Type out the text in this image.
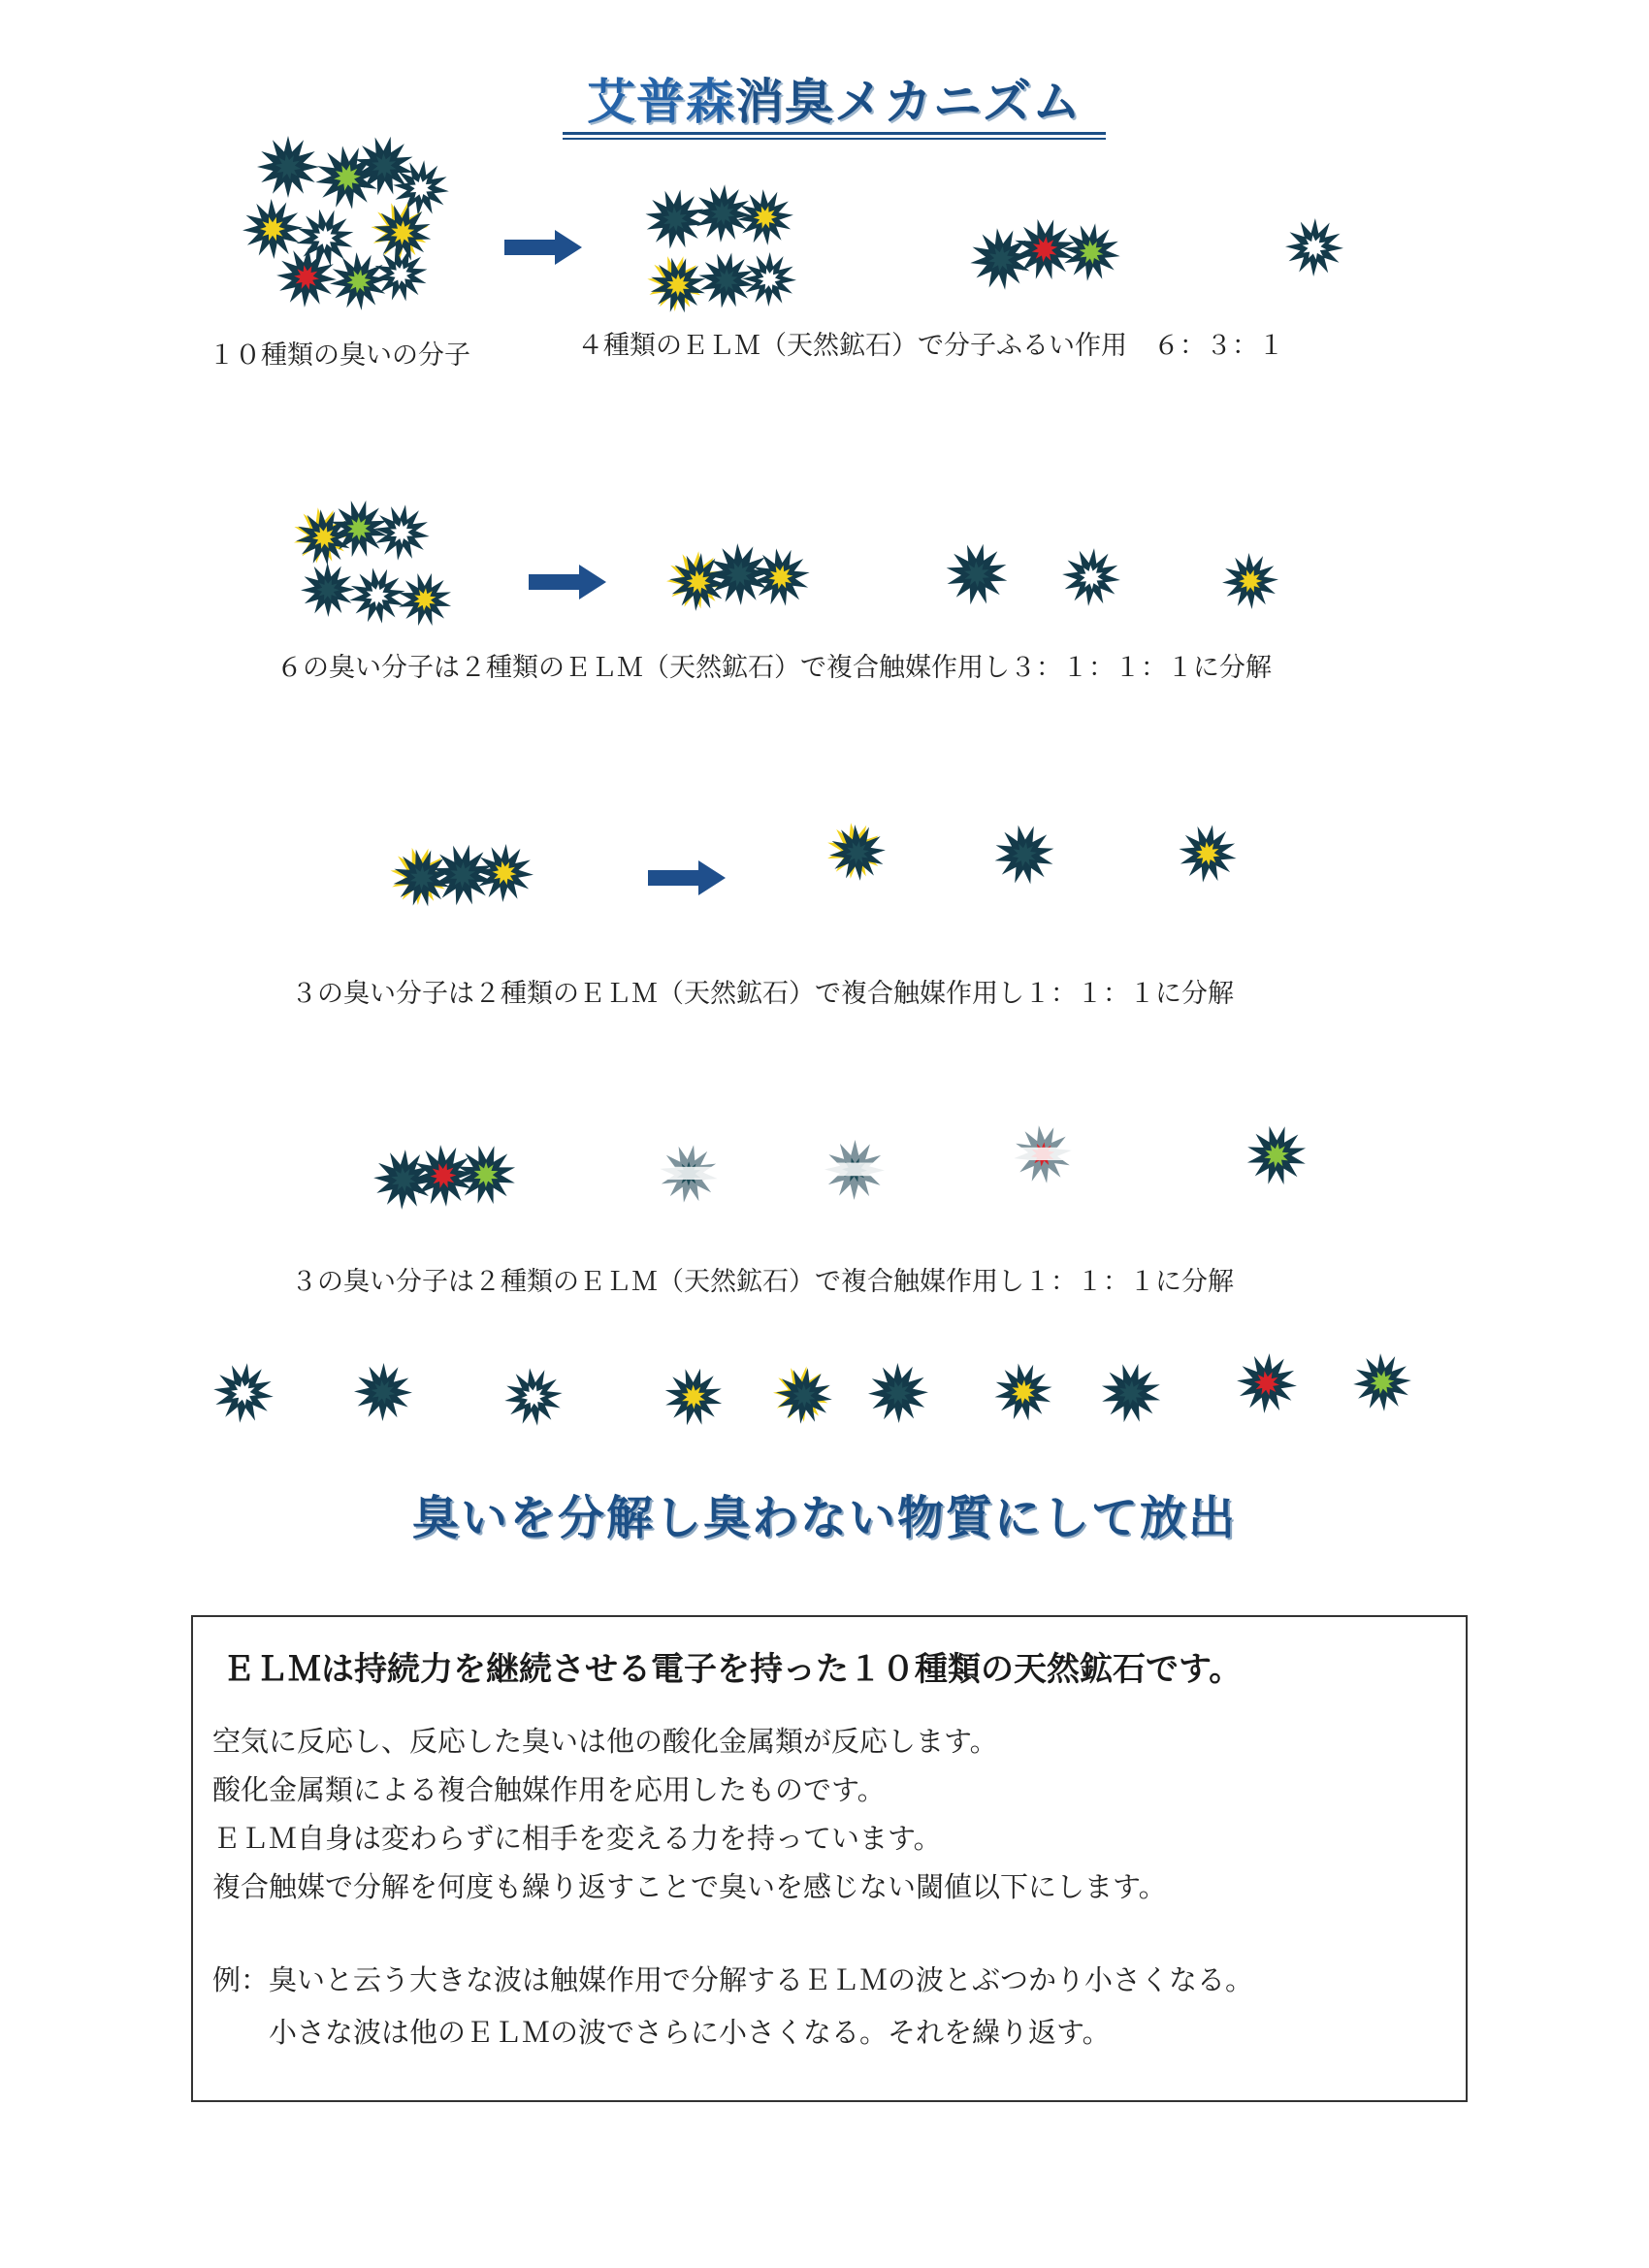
艾普森消臭メカニズム
１０種類の臭いの分子	４種類のＥＬＭ（天然鉱石）で分子ふるい作用　６：３：１
６の臭い分子は２種類のＥＬＭ（天然鉱石）で複合触媒作用し３：１：１：１に分解
３の臭い分子は２種類のＥＬＭ（天然鉱石）で複合触媒作用し１：１：１に分解
３の臭い分子は２種類のＥＬＭ（天然鉱石）で複合触媒作用し１：１：１に分解
臭いを分解し臭わない物質にして放出
ＥＬＭは持続力を継続させる電子を持った１０種類の天然鉱石です。
空気に反応し、反応した臭いは他の酸化金属類が反応します。
酸化金属類による複合触媒作用を応用したものです。
ＥＬＭ自身は変わらずに相手を変える力を持っています。
複合触媒で分解を何度も繰り返すことで臭いを感じない閾値以下にします。
例：臭いと云う大きな波は触媒作用で分解するＥＬＭの波とぶつかり小さくなる。
　　小さな波は他のＥＬＭの波でさらに小さくなる。それを繰り返す。
